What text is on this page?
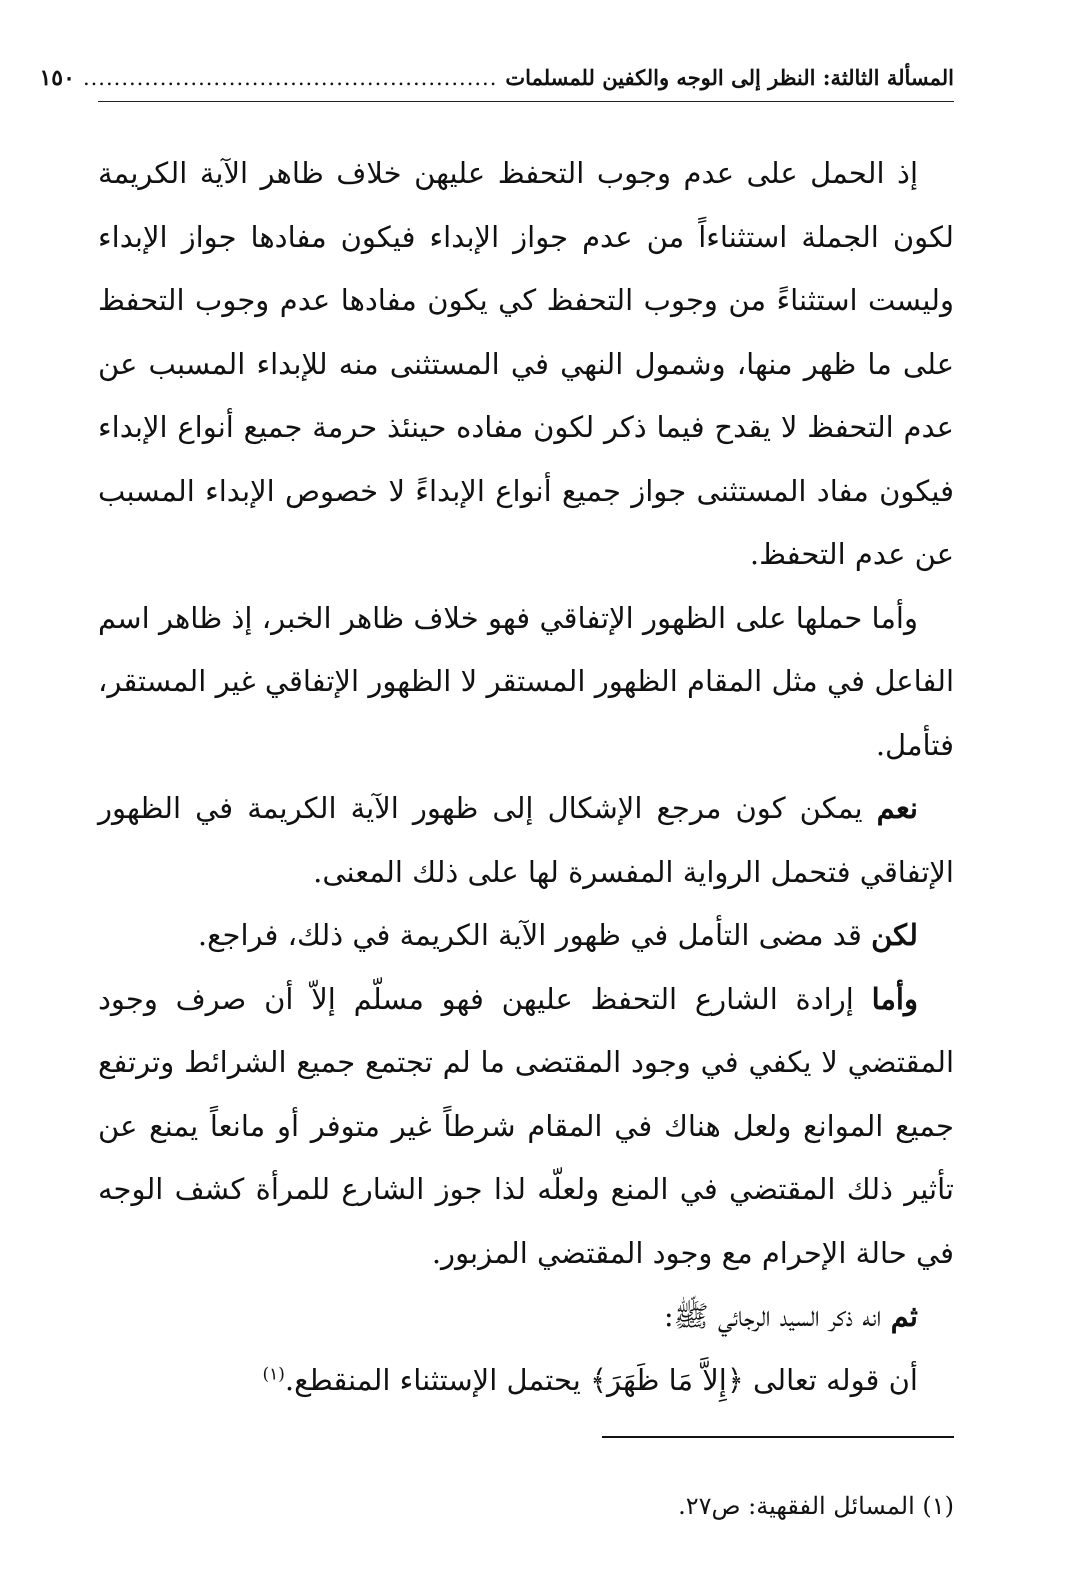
المسألة الثالثة: النظر إلى الوجه والكفين للمسلمات
......................................................
١٥٠

إذ الحمل على عدم وجوب التحفظ عليهن خلاف ظاهر الآية الكريمة لكون الجملة استثناءاً من عدم جواز الإبداء فيكون مفادها جواز الإبداء وليست استثناءً من وجوب التحفظ كي يكون مفادها عدم وجوب التحفظ على ما ظهر منها، وشمول النهي في المستثنى منه للإبداء المسبب عن عدم التحفظ لا يقدح فيما ذكر لكون مفاده حينئذ حرمة جميع أنواع الإبداء فيكون مفاد المستثنى جواز جميع أنواع الإبداءً لا خصوص الإبداء المسبب عن عدم التحفظ.

وأما حملها على الظهور الإتفاقي فهو خلاف ظاهر الخبر، إذ ظاهر اسم الفاعل في مثل المقام الظهور المستقر لا الظهور الإتفاقي غير المستقر، فتأمل.

نعم يمكن كون مرجع الإشكال إلى ظهور الآية الكريمة في الظهور الإتفاقي فتحمل الرواية المفسرة لها على ذلك المعنى.

لكن قد مضى التأمل في ظهور الآية الكريمة في ذلك، فراجع.

وأما إرادة الشارع التحفظ عليهن فهو مسلّم إلاّ أن صرف وجود المقتضي لا يكفي في وجود المقتضى ما لم تجتمع جميع الشرائط وترتفع جميع الموانع ولعل هناك في المقام شرطاً غير متوفر أو مانعاً يمنع عن تأثير ذلك المقتضي في المنع ولعلّه لذا جوز الشارع للمرأة كشف الوجه في حالة الإحرام مع وجود المقتضي المزبور.

ثم انه ذكر السيد الرجائي ﷺ:

أن قوله تعالى ﴿إِلاَّ مَا ظَهَرَ﴾ يحتمل الإستثناء المنقطع.$^{(١)}$

(١) المسائل الفقهية: ص٢٧.
